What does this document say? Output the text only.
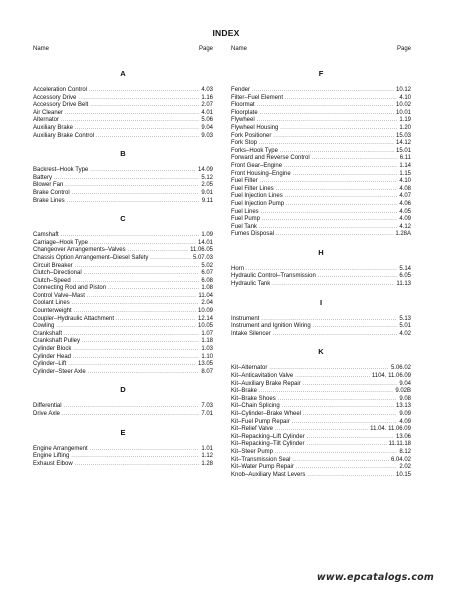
INDEX
Name	Page
A
Acceleration Control .....	4.03
Accessory Drive .....	1.16
Accessory Drive Belt .....	2.07
Air Cleaner .....	4.01
Alternator .....	5.06
Auxiliary Brake .....	9.04
Auxiliary Brake Control .....	9.03
B
Backrest–Hook Type .....	14.09
Battery .....	5.12
Blower Fan .....	2.05
Brake Control .....	9.01
Brake Lines .....	9.11
C
Camshaft .....	1.09
Carriage–Hook Type .....	14.01
Changeover Arrangements–Valves .....	11.06.05
Chassis Option Arrangement–Diesel Safety .....	5.07.03
Circuit Breaker .....	5.02
Clutch–Directional .....	6.07
Clutch–Speed .....	6.08
Connecting Rod and Piston .....	1.08
Control Valve–Mast .....	11.04
Coolant Lines .....	2.04
Counterweight .....	10.09
Coupler–Hydraulic Attachment .....	12.14
Cowling .....	10.05
Crankshaft .....	1.07
Crankshaft Pulley .....	1.18
Cylinder Block .....	1.03
Cylinder Head .....	1.10
Cylinder–Lift .....	13.05
Cylinder–Steer Axle .....	8.07
D
Differential .....	7.03
Drive Axle .....	7.01
E
Engine Arrangement .....	1.01
Engine Lifting .....	1.12
Exhaust Elbow .....	1.28
Name	Page
F
Fender .....	10.12
Filter–Fuel Element .....	4.10
Floormat .....	10.02
Floorplate .....	10.01
Flywheel .....	1.19
Flywheel Housing .....	1.20
Fork Positioner .....	15.03
Fork Stop .....	14.12
Forks–Hook Type .....	15.01
Forward and Reverse Control .....	6.11
Front Gear–Engine .....	1.14
Front Housing–Engine .....	1.15
Fuel Filter .....	4.10
Fuel Filter Lines .....	4.08
Fuel Injection Lines .....	4.07
Fuel Injection Pump .....	4.06
Fuel Lines .....	4.05
Fuel Pump .....	4.09
Fuel Tank .....	4.12
Fumes Disposal .....	1.28A
H
Horn .....	5.14
Hydraulic Control–Transmission .....	6.05
Hydraulic Tank .....	11.13
I
Instrument .....	5.13
Instrument and Ignition Wiring .....	5.01
Intake Silencer .....	4.02
K
Kit–Alternator .....	5.06.02
Kit–Anticavitation Valve .....	1104. 11.06.09
Kit–Auxiliary Brake Repair .....	9.04
Kit–Brake .....	9.02B
Kit–Brake Shoes .....	9.08
Kit–Chain Splicing .....	13.13
Kit–Cylinder–Brake Wheel .....	9.09
Kit–Fuel Pump Repair .....	4.09
Kit–Relief Valve .....	11.04. 11.06.09
Kit–Repacking–Lift Cylinder .....	13.06
Kit–Repacking–Tilt Cylinder .....	11.11.18
Kit–Steer Pump .....	8.12
Kit–Transmission Seal .....	6.04.02
Kit–Water Pump Repair .....	2.02
Knob–Auxiliary Mast Levers .....	10.15
www.epcatalogs.com
